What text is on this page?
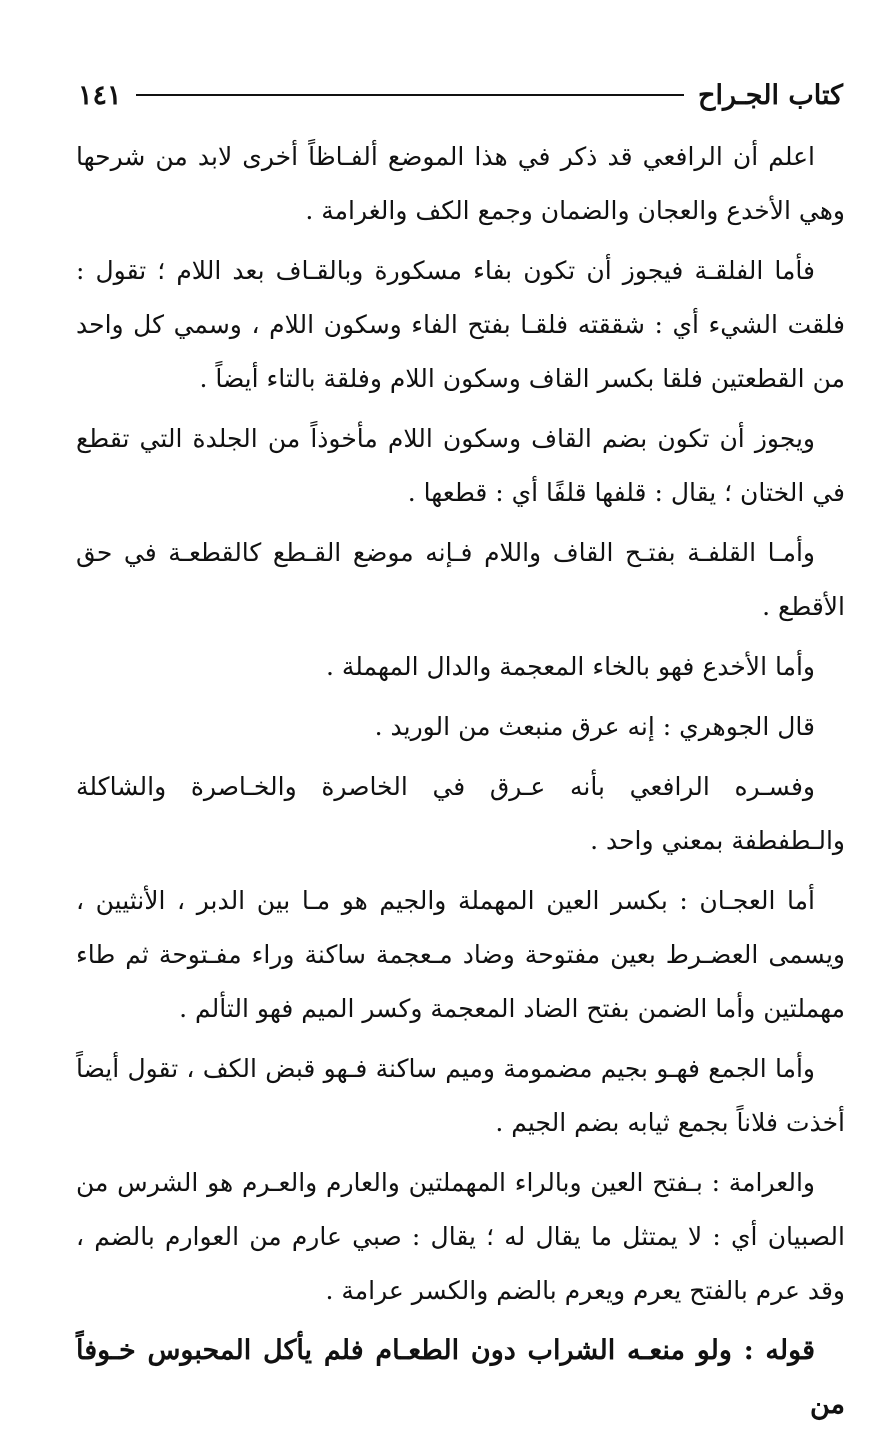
كتاب الجـراح
١٤١

اعلم أن الرافعي قد ذكر في هذا الموضع ألفـاظاً أخرى لابد من شرحها وهي الأخدع والعجان والضمان وجمع الكف والغرامة .

فأما الفلقـة فيجوز أن تكون بفاء مسكورة وبالقـاف بعد اللام ؛ تقول : فلقت الشيء أي : شققته فلقـا بفتح الفاء وسكون اللام ، وسمي كل واحد من القطعتين فلقا بكسر القاف وسكون اللام وفلقة بالتاء أيضاً .

ويجوز أن تكون بضم القاف وسكون اللام مأخوذاً من الجلدة التي تقطع في الختان ؛ يقال : قلفها قلفًا أي : قطعها .

وأمـا القلفـة بفتـح القاف واللام فـإنه موضع القـطع كالقطعـة في حق الأقطع .

وأما الأخدع فهو بالخاء المعجمة والدال المهملة .

قال الجوهري : إنه عرق منبعث من الوريد .

وفسـره الرافعي بأنه عـرق في الخاصرة والخـاصرة والشاكلة والـطفطفة بمعني واحد .

أما العجـان : بكسر العين المهملة والجيم هو مـا بين الدبر ، الأنثيين ، ويسمى العضـرط بعين مفتوحة وضاد مـعجمة ساكنة وراء مفـتوحة ثم طاء مهملتين وأما الضمن بفتح الضاد المعجمة وكسر الميم فهو التألم .

وأما الجمع فهـو بجيم مضمومة وميم ساكنة فـهو قبض الكف ، تقول أيضاً أخذت فلاناً بجمع ثيابه بضم الجيم .

والعرامة : بـفتح العين وبالراء المهملتين والعارم والعـرم هو الشرس من الصبيان أي : لا يمتثل ما يقال له ؛ يقال : صبي عارم من العوارم بالضم ، وقد عرم بالفتح يعرم ويعرم بالضم والكسر عرامة .

قوله : ولو منعـه الشراب دون الطعـام فلم يأكل المحبوس خـوفاً من
